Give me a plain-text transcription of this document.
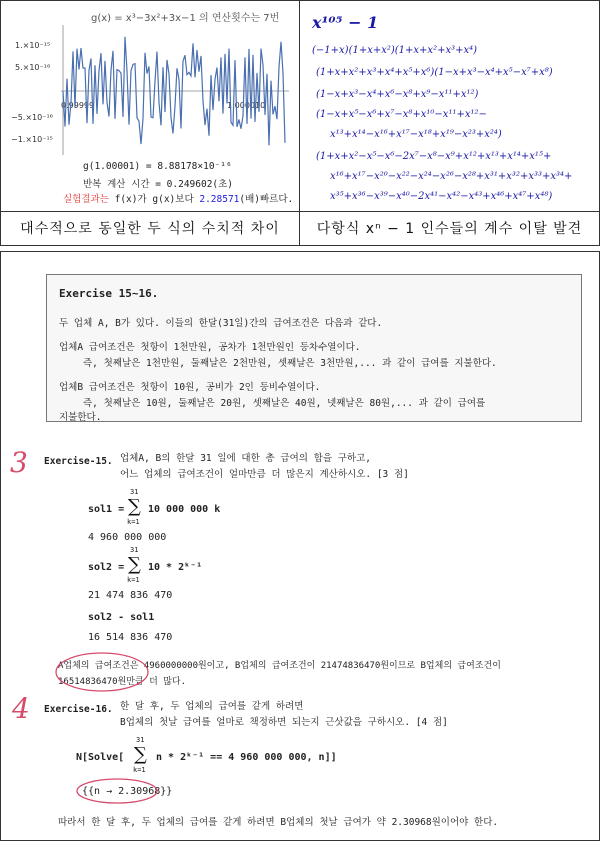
g(x) = x³−3x²+3x−1 의 연산횟수는 7번
1.×10⁻¹⁵
5.×10⁻¹⁶
−5.×10⁻¹⁶
−1.×10⁻¹⁵
0.99999	1.000010
g(1.00001) = 8.88178×10⁻¹⁶
반복 계산 시간 = 0.249602(초)
실험결과는 f(x)가 g(x)보다 2.28571(배)빠르다.
x¹⁰⁵ − 1
(−1+x)(1+x+x²)(1+x+x²+x³+x⁴)
(1+x+x²+x³+x⁴+x⁵+x⁶)(1−x+x³−x⁴+x⁵−x⁷+x⁸)
(1−x+x³−x⁴+x⁶−x⁸+x⁹−x¹¹+x¹²)
(1−x+x⁵−x⁶+x⁷−x⁸+x¹⁰−x¹¹+x¹²−
x¹³+x¹⁴−x¹⁶+x¹⁷−x¹⁸+x¹⁹−x²³+x²⁴)
(1+x+x²−x⁵−x⁶−2x⁷−x⁸−x⁹+x¹²+x¹³+x¹⁴+x¹⁵+
x¹⁶+x¹⁷−x²⁰−x²²−x²⁴−x²⁶−x²⁸+x³¹+x³²+x³³+x³⁴+
x³⁵+x³⁶−x³⁹−x⁴⁰−2x⁴¹−x⁴²−x⁴³+x⁴⁶+x⁴⁷+x⁴⁸)
대수적으로 동일한 두 식의 수치적 차이	다항식 xⁿ − 1 인수들의 계수 이탈 발견
Exercise 15~16.
두 업체 A, B가 있다. 이들의 한달(31일)간의 급여조건은 다음과 같다.
업체A 급여조건은 첫항이 1천만원, 공차가 1천만원인 등차수열이다.
즉, 첫째날은 1천만원, 둘째날은 2천만원, 셋째날은 3천만원,... 과 같이 급여를 지불한다.
업체B 급여조건은 첫항이 10원, 공비가 2인 등비수열이다.
즉, 첫째날은 10원, 둘째날은 20원, 셋째날은 40원, 넷째날은 80원,... 과 같이 급여를
지불한다.
3 Exercise-15. 업체A, B의 한달 31 일에 대한 총 급여의 합을 구하고,
어느 업체의 급여조건이 얼마만큼 더 많은지 계산하시오. [3 점]
sol1 =
31
∑
k=1
10 000 000 k
4 960 000 000
sol2 =
31
∑
k=1
10 * 2ᵏ⁻¹
21 474 836 470
sol2 - sol1
16 514 836 470
A업체의 급여조건은 4960000000원이고, B업체의 급여조건이 21474836470원이므로 B업체의 급여조건이
16514836470원만큼 더 많다.
4 Exercise-16. 한 달 후, 두 업체의 급여를 같게 하려면
B업체의 첫날 급여를 얼마로 책정하면 되는지 근삿값을 구하시오. [4 점]
N[Solve[
31
∑
k=1
n * 2ᵏ⁻¹ == 4 960 000 000, n]]
{{n → 2.30968}}
따라서 한 달 후, 두 업체의 급여를 같게 하려면 B업체의 첫날 급여가 약 2.30968원이어야 한다.
